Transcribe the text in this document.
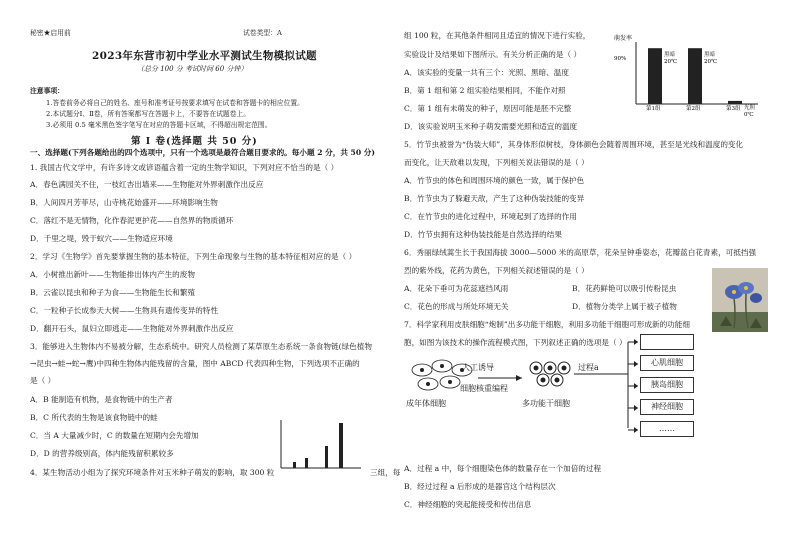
秘密★启用前	试卷类型：A
2023年东营市初中学业水平测试生物模拟试题
（总分 100 分 考试时间 60 分钟）
注意事项：
1.答卷前务必将自己的姓名、座号和准考证号按要求填写在试卷和答题卡的相应位置。
2.本试题分Ⅰ、Ⅱ卷，所有答案都写在答题卡上，不要答在试题卷上。
3.必须用 0.5 毫米黑色签字笔写在对应的答题卡区域，不得超出规定范围。
第 Ⅰ 卷(选择题 共 50 分)
一、选择题(下列各题给出的四个选项中，只有一个选项是最符合题目要求的。每小题 2 分，共 50 分)
1. 我国古代文学中，有许多诗文或谚语蕴含着一定的生物学知识，下列对应不恰当的是（ ）
A．春色满园关不住，一枝红杏出墙来——生物能对外界刺激作出反应
B．人间四月芳菲尽，山寺桃花始盛开——环境影响生物
C．落红不是无情物，化作春泥更护花——自然界的物质循环
D．千里之堤，毁于蚁穴——生物适应环境
2．学习《生物学》首先要掌握生物的基本特征，下列生命现象与生物的基本特征相对应的是（ ）
A．小树推出新叶——生物能排出体内产生的废物
B．云雀以昆虫和种子为食——生物能生长和繁殖
C．一粒种子长成参天大树——生物具有遗传变异的特性
D．翻开石头，鼠妇立即逃走——生物能对外界刺激作出反应
3．能够进入生物体内不易被分解，生态系统中。研究人员检测了某草原生态系统一条食物链(绿色植物
→昆虫→蛙→蛇→鹰)中四种生物体内能残留的含量，图中 ABCD 代表四种生物，下列选项不正确的
是（ ）
A．B 能制造有机物，是食物链中的生产者
B．C 所代表的生物是该食物链中的蛙
C．当 A 大量减少时，C 的数量在短期内会先增加
D．D 的营养级别高，体内能残留积累较多
4．某生物活动小组为了探究环境条件对玉米种子萌发的影响，取 300 粒	三组，每
组 100 粒，在其他条件相同且适宜的情况下进行实验，
实验设计及结果如下图所示。有关分析正确的是（ ）
A．该实验的变量一共有三个：光照、黑暗、温度
B．第 1 组和第 2 组实验结果相同，不能作对照
C．第 1 组有未萌发的种子，原因可能是胚不完整
D．该实验说明玉米种子萌发需要光照和适宜的温度
萌发率
90%
黑暗
20℃
第1组
黑暗
20℃
第2组	光照
0℃
第3组
5．竹节虫被誉为“伪装大师”，其身体形似树枝，身体颜色会随着周围环境，甚至是光线和温度的变化
而变化，让天敌难以发现，下列相关说法错误的是（ ）
A．竹节虫的体色和周围环境的颜色一致，属于保护色
B．竹节虫为了躲避天敌，产生了这种伪装技能的变异
C．在竹节虫的进化过程中，环境起到了选择的作用
D．竹节虫拥有这种伪装技能是自然选择的结果
6．秀丽绿绒蒿生长于我国海拔 3000—5000 米的高原草，花朵呈钟垂姿态，花瓣蓝白花青素，可抵挡强
烈的紫外线，花药为黄色，下列相关叙述错误的是（ ）
A．花朵下垂可为花蕊遮挡风雨	B．花药鲜艳可以吸引传粉昆虫
C．花色的形成与所处环境无关	D．植物分类学上属于被子植物
7．科学家利用皮肤细胞“炮制”出多功能干细胞，利用多功能干细胞可形成新的功能细
胞，如图为该技术的操作流程模式图，下列叙述正确的选项是（ ）
人工诱导
细胞核重编程
过程a
成年体细胞	多功能干细胞
心肌细胞
胰岛细胞
神经细胞
……
A．过程 a 中，每个细胞染色体的数量存在一个加倍的过程
B．经过过程 a 后形成的是器官这个结构层次
C．神经细胞的突起能接受和传出信息
